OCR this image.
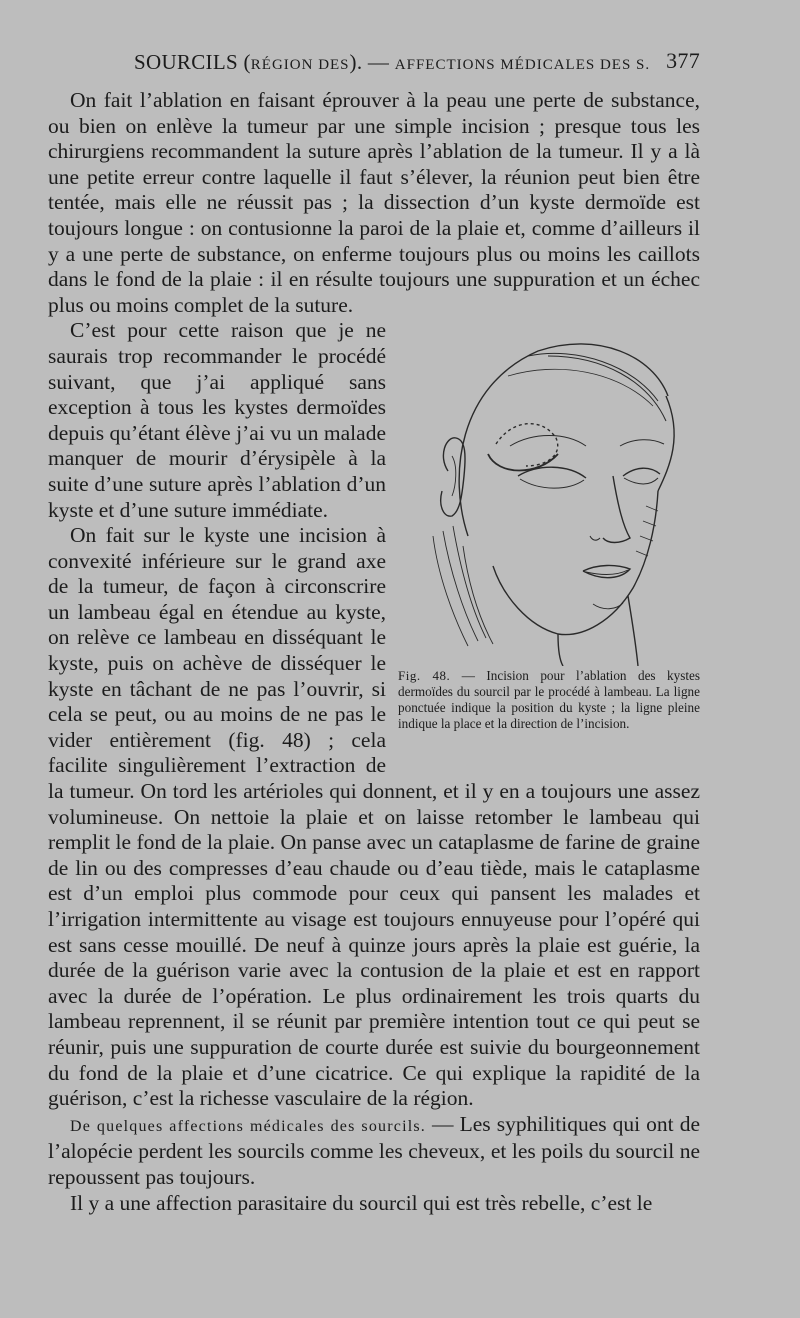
SOURCILS (RÉGION DES). — AFFECTIONS MÉDICALES DES S. 377

On fait l’ablation en faisant éprouver à la peau une perte de substance, ou bien on enlève la tumeur par une simple incision ; presque tous les chirurgiens recommandent la suture après l’ablation de la tumeur. Il y a là une petite erreur contre laquelle il faut s’élever, la réunion peut bien être tentée, mais elle ne réussit pas ; la dissection d’un kyste dermoïde est toujours longue : on contusionne la paroi de la plaie et, comme d’ailleurs il y a une perte de substance, on enferme toujours plus ou moins les caillots dans le fond de la plaie : il en résulte toujours une suppuration et un échec plus ou moins complet de la suture.

Fig. 48. — Incision pour l’ablation des kystes dermoïdes du sourcil par le procédé à lambeau. La ligne ponctuée indique la position du kyste ; la ligne pleine indique la place et la direction de l’incision.

C’est pour cette raison que je ne saurais trop recommander le procédé suivant, que j’ai appliqué sans exception à tous les kystes dermoïdes depuis qu’étant élève j’ai vu un malade manquer de mourir d’érysipèle à la suite d’une suture après l’ablation d’un kyste et d’une suture immédiate.

On fait sur le kyste une incision à convexité inférieure sur le grand axe de la tumeur, de façon à circonscrire un lambeau égal en étendue au kyste, on relève ce lambeau en disséquant le kyste, puis on achève de disséquer le kyste en tâchant de ne pas l’ouvrir, si cela se peut, ou au moins de ne pas le vider entièrement (fig. 48) ; cela facilite singulièrement l’extraction de la tumeur. On tord les artérioles qui donnent, et il y en a toujours une assez volumineuse. On nettoie la plaie et on laisse retomber le lambeau qui remplit le fond de la plaie. On panse avec un cataplasme de farine de graine de lin ou des compresses d’eau chaude ou d’eau tiède, mais le cataplasme est d’un emploi plus commode pour ceux qui pansent les malades et l’irrigation intermittente au visage est toujours ennuyeuse pour l’opéré qui est sans cesse mouillé. De neuf à quinze jours après la plaie est guérie, la durée de la guérison varie avec la contusion de la plaie et est en rapport avec la durée de l’opération. Le plus ordinairement les trois quarts du lambeau reprennent, il se réunit par première intention tout ce qui peut se réunir, puis une suppuration de courte durée est suivie du bourgeonnement du fond de la plaie et d’une cicatrice. Ce qui explique la rapidité de la guérison, c’est la richesse vasculaire de la région.

De quelques affections médicales des sourcils. — Les syphilitiques qui ont de l’alopécie perdent les sourcils comme les cheveux, et les poils du sourcil ne repoussent pas toujours.

Il y a une affection parasitaire du sourcil qui est très rebelle, c’est le
